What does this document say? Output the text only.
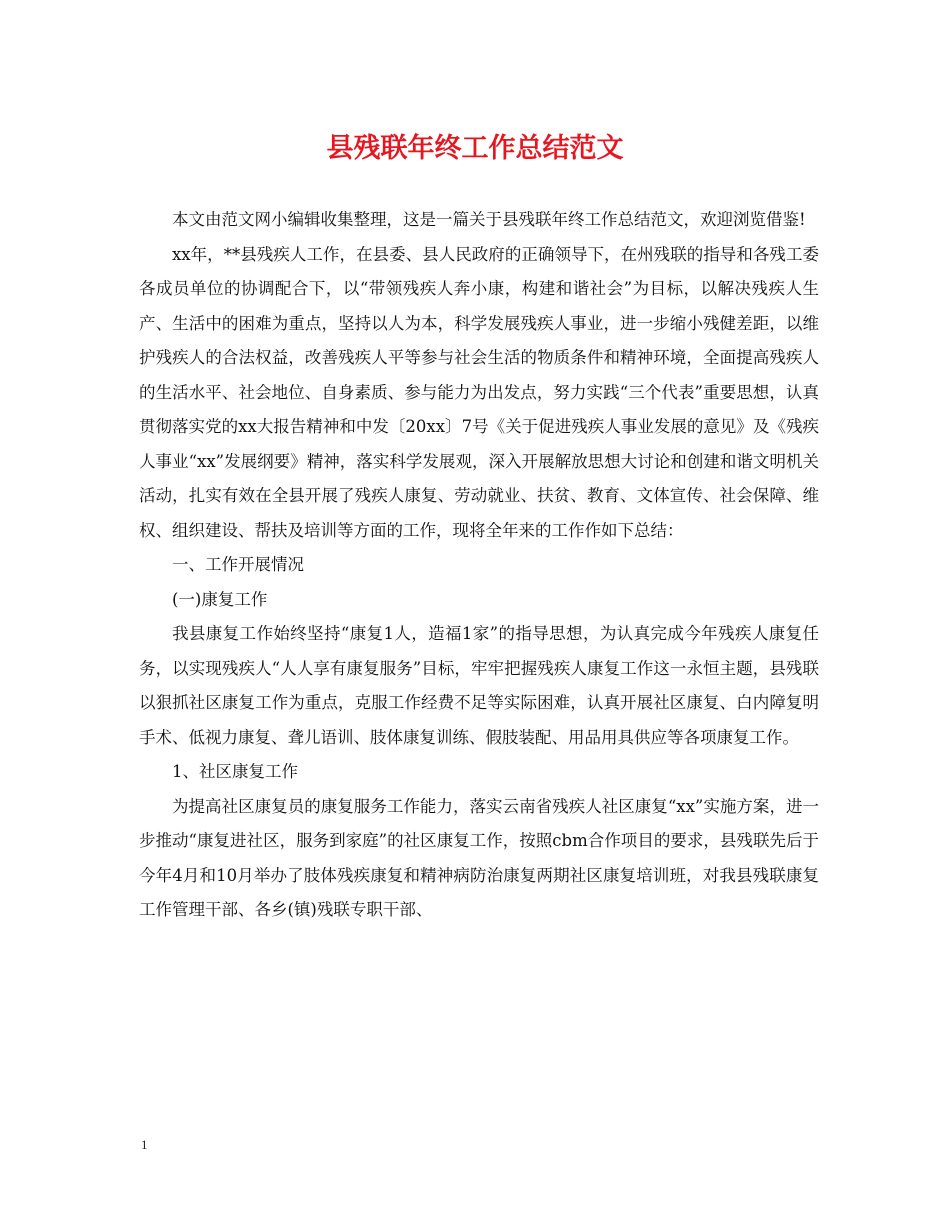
县残联年终工作总结范文

本文由范文网小编辑收集整理，这是一篇关于县残联年终工作总结范文，欢迎浏览借鉴!

xx年，**县残疾人工作，在县委、县人民政府的正确领导下，在州残联的指导和各残工委各成员单位的协调配合下，以“带领残疾人奔小康，构建和谐社会”为目标，以解决残疾人生产、生活中的困难为重点，坚持以人为本，科学发展残疾人事业，进一步缩小残健差距，以维护残疾人的合法权益，改善残疾人平等参与社会生活的物质条件和精神环境，全面提高残疾人的生活水平、社会地位、自身素质、参与能力为出发点，努力实践“三个代表”重要思想，认真贯彻落实党的xx大报告精神和中发〔20xx〕7号《关于促进残疾人事业发展的意见》及《残疾人事业“xx”发展纲要》精神，落实科学发展观，深入开展解放思想大讨论和创建和谐文明机关活动，扎实有效在全县开展了残疾人康复、劳动就业、扶贫、教育、文体宣传、社会保障、维权、组织建设、帮扶及培训等方面的工作，现将全年来的工作作如下总结：

一、工作开展情况

(一)康复工作

我县康复工作始终坚持“康复1人，造福1家”的指导思想，为认真完成今年残疾人康复任务，以实现残疾人“人人享有康复服务”目标，牢牢把握残疾人康复工作这一永恒主题，县残联以狠抓社区康复工作为重点，克服工作经费不足等实际困难，认真开展社区康复、白内障复明手术、低视力康复、聋儿语训、肢体康复训练、假肢装配、用品用具供应等各项康复工作。

1、社区康复工作

为提高社区康复员的康复服务工作能力，落实云南省残疾人社区康复“xx”实施方案，进一步推动“康复进社区，服务到家庭”的社区康复工作，按照cbm合作项目的要求，县残联先后于今年4月和10月举办了肢体残疾康复和精神病防治康复两期社区康复培训班，对我县残联康复工作管理干部、各乡(镇)残联专职干部、

1
